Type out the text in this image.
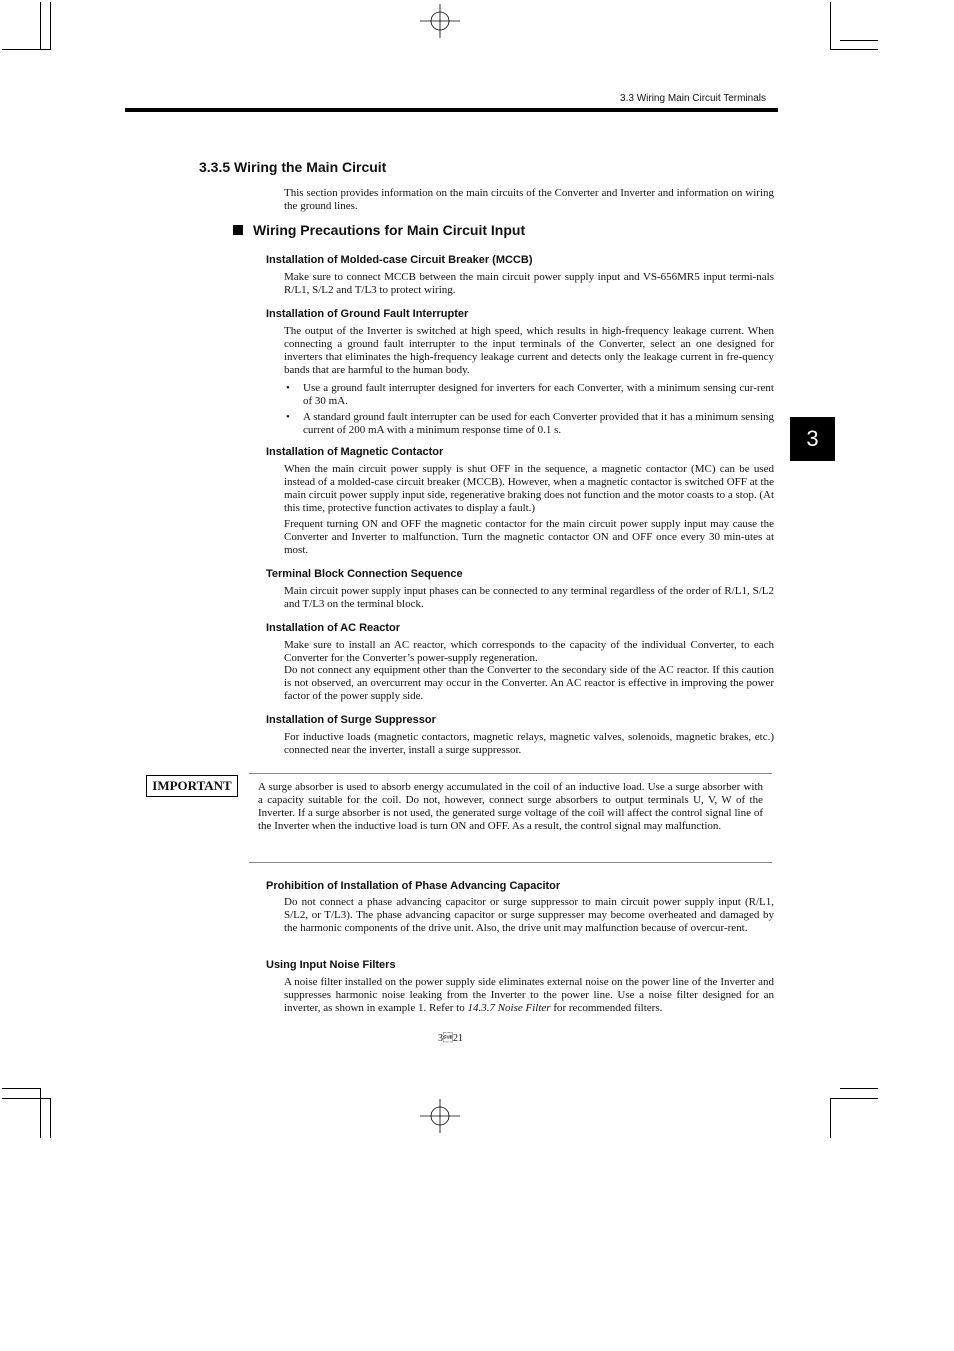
3.3 Wiring Main Circuit Terminals
3
3.3.5 Wiring the Main Circuit
This section provides information on the main circuits of the Converter and Inverter and information on wiring the ground lines.
Wiring Precautions for Main Circuit Input
Installation of Molded-case Circuit Breaker (MCCB)
Make sure to connect MCCB between the main circuit power supply input and VS-656MR5 input termi-nals R/L1, S/L2 and T/L3 to protect wiring.
Installation of Ground Fault Interrupter
The output of the Inverter is switched at high speed, which results in high-frequency leakage current. When connecting a ground fault interrupter to the input terminals of the Converter, select an one designed for inverters that eliminates the high-frequency leakage current and detects only the leakage current in fre-quency bands that are harmful to the human body.
• Use a ground fault interrupter designed for inverters for each Converter, with a minimum sensing cur-rent of 30 mA.
• A standard ground fault interrupter can be used for each Converter provided that it has a minimum sensing current of 200 mA with a minimum response time of 0.1 s.
Installation of Magnetic Contactor
When the main circuit power supply is shut OFF in the sequence, a magnetic contactor (MC) can be used instead of a molded-case circuit breaker (MCCB). However, when a magnetic contactor is switched OFF at the main circuit power supply input side, regenerative braking does not function and the motor coasts to a stop. (At this time, protective function activates to display a fault.)
Frequent turning ON and OFF the magnetic contactor for the main circuit power supply input may cause the Converter and Inverter to malfunction. Turn the magnetic contactor ON and OFF once every 30 min-utes at most.
Terminal Block Connection Sequence
Main circuit power supply input phases can be connected to any terminal regardless of the order of R/L1, S/L2 and T/L3 on the terminal block.
Installation of AC Reactor
Make sure to install an AC reactor, which corresponds to the capacity of the individual Converter, to each Converter for the Converter’s power-supply regeneration.
Do not connect any equipment other than the Converter to the secondary side of the AC reactor. If this caution is not observed, an overcurrent may occur in the Converter. An AC reactor is effective in improving the power factor of the power supply side.
Installation of Surge Suppressor
For inductive loads (magnetic contactors, magnetic relays, magnetic valves, solenoids, magnetic brakes, etc.) connected near the inverter, install a surge suppressor.
IMPORTANT	A surge absorber is used to absorb energy accumulated in the coil of an inductive load. Use a surge absorber with a capacity suitable for the coil. Do not, however, connect surge absorbers to output terminals U, V, W of the Inverter. If a surge absorber is not used, the generated surge voltage of the coil will affect the control signal line of the Inverter when the inductive load is turn ON and OFF. As a result, the control signal may malfunction.
Prohibition of Installation of Phase Advancing Capacitor
Do not connect a phase advancing capacitor or surge suppressor to main circuit power supply input (R/L1, S/L2, or T/L3). The phase advancing capacitor or surge suppresser may become overheated and damaged by the harmonic components of the drive unit. Also, the drive unit may malfunction because of overcur-rent.
Using Input Noise Filters
A noise filter installed on the power supply side eliminates external noise on the power line of the Inverter and suppresses harmonic noise leaking from the Inverter to the power line. Use a noise filter designed for an inverter, as shown in example 1. Refer to 14.3.7 Noise Filter for recommended filters.
321
